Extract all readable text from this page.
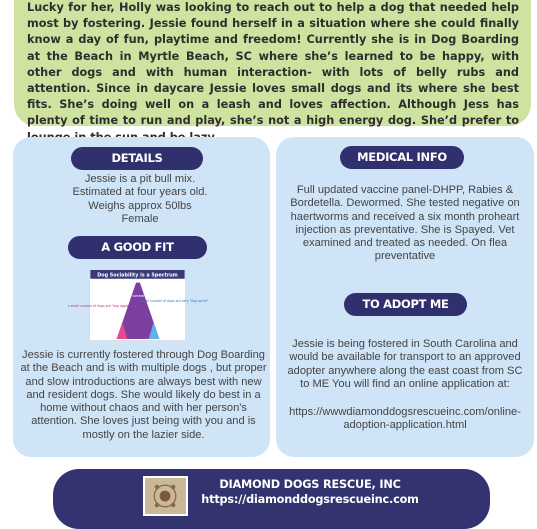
Lucky for her, Holly was looking to reach out to help a dog that needed help most by fostering. Jessie found herself in a situation where she could finally know a day of fun, playtime and freedom! Currently she is in Dog Boarding at the Beach in Myrtle Beach, SC where she’s learned to be happy, with other dogs and with human interaction- with lots of belly rubs and attention. Since in daycare Jessie loves small dogs and its where she best fits. She’s doing well on a leash and loves affection. Although Jess has plenty of time to run and play, she’s not a high energy dog. She’d prefer to

DETAILS
Jessie is a pit bull mix.
Estimated at four years old.
Weighs approx 50lbs
Female
A GOOD FIT
Dog Sociability is a Spectrum
a small number of dogs are "dog aggressive"
But most dogs fall somewhere in the middle.
a small number of dogs are very "dog social"
Jessie is currently fostered through Dog Boarding at the Beach and is with multiple dogs , but proper and slow introductions are always best with new and resident dogs. She would likely do best in a home without chaos and with her person's attention. She loves just being with you and is mostly on the lazier side.
MEDICAL INFO
Full updated vaccine panel-DHPP, Rabies & Bordetella. Dewormed. She tested negative on haertworms and received a six month proheart injection as preventative. She is Spayed. Vet examined and treated as needed. On flea preventative
TO ADOPT ME
Jessie is being fostered in South Carolina and would be available for transport to an approved adopter anywhere along the east coast from SC to ME You will find an online application at:
https://wwwdiamonddogsrescueinc.com/online-adoption-application.html
DIAMOND DOGS RESCUE, INC
https://diamonddogsrescueinc.com
